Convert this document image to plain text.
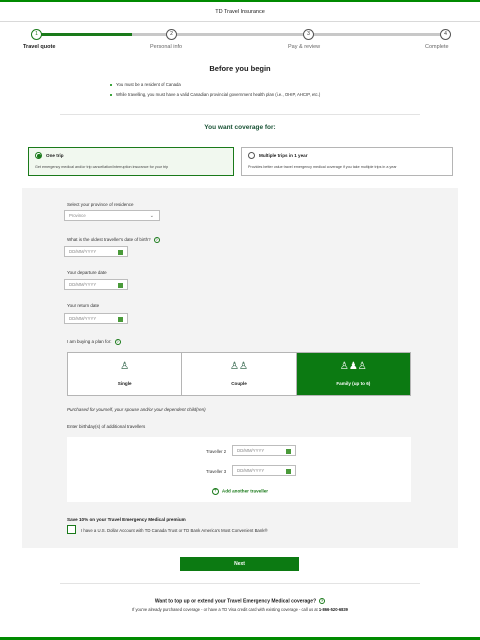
TD Travel Insurance
1	2	3	4
Travel quote	Personal info	Pay & review	Complete
Before you begin
You must be a resident of Canada
While travelling, you must have a valid Canadian provincial government health plan (i.e., OHIP, AHCIP, etc.)
You want coverage for:
One trip
Get emergency medical and/or trip cancellation/interruption insurance for your trip
Multiple trips in 1 year
Provides better value travel emergency medical coverage if you take multiple trips in a year
Select your province of residence
Province	⌄
What is the oldest traveller's date of birth? ?
DD/MM/YYYY
Your departure date
DD/MM/YYYY
Your return date
DD/MM/YYYY
I am buying a plan for: ?
♙
Single
♙♙
Couple
♙♟♙
Family (up to 6)
Purchased for yourself, your spouse and/or your dependent child(ren)
Enter birthday(s) of additional travellers
Traveller 2	DD/MM/YYYY
Traveller 3	DD/MM/YYYY
+ Add another traveller
Save 10% on your Travel Emergency Medical premium
I have a U.S. Dollar Account with TD Canada Trust or TD Bank America's Most Convenient Bank®
Next
Want to top up or extend your Travel Emergency Medical coverage? ?
If you've already purchased coverage - or have a TD Visa credit card with existing coverage - call us at 1-866-520-6839
